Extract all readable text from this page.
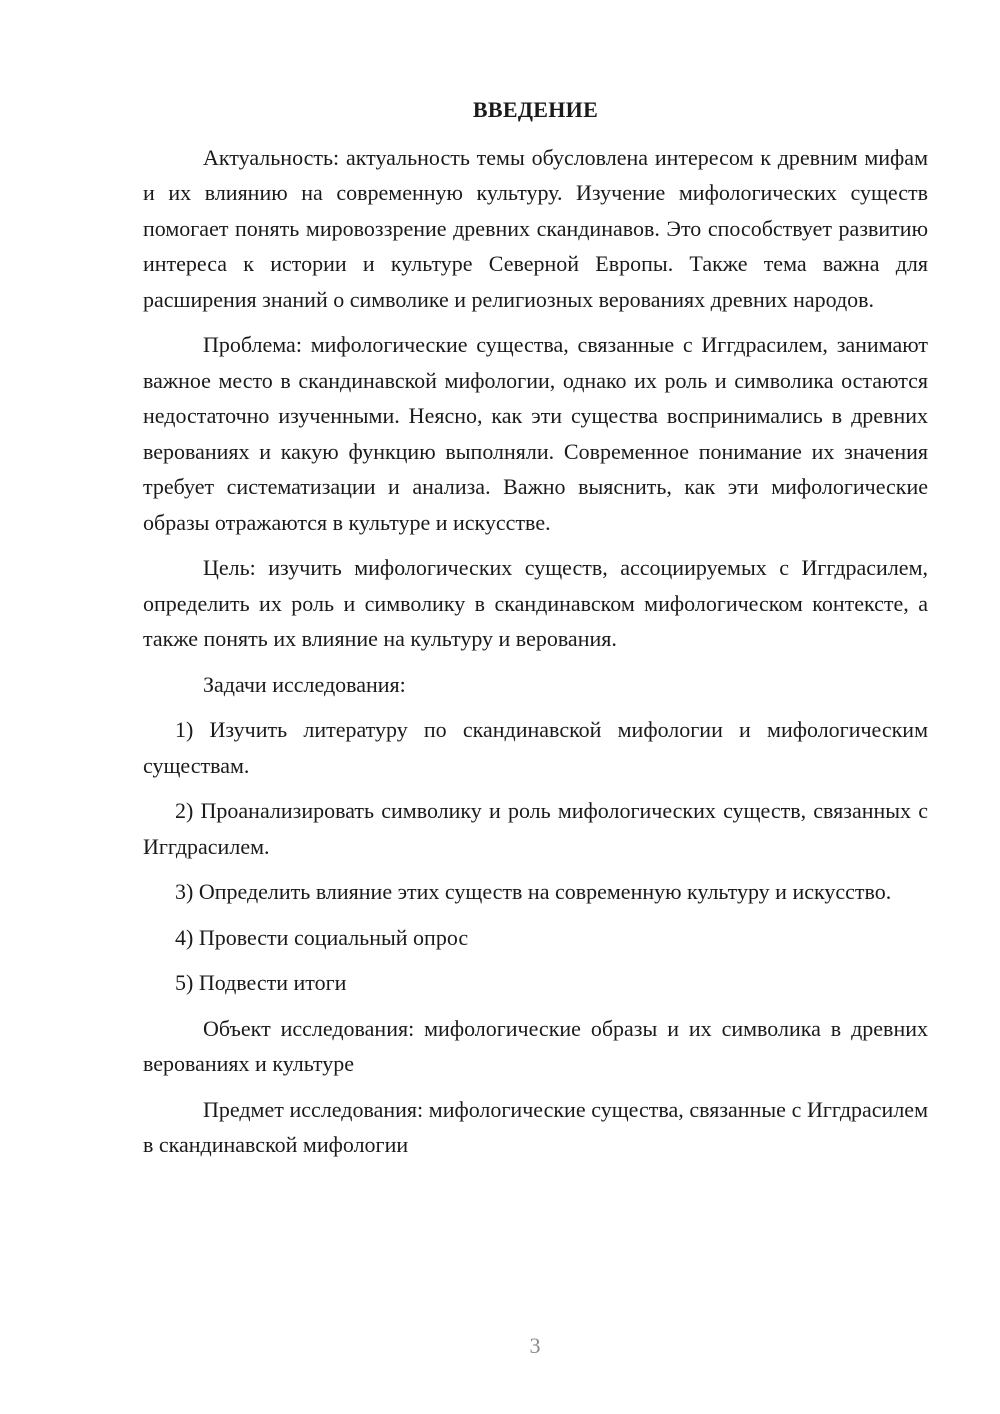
ВВЕДЕНИЕ

Актуальность: актуальность темы обусловлена интересом к древним мифам и их влиянию на современную культуру. Изучение мифологических существ помогает понять мировоззрение древних скандинавов. Это способствует развитию интереса к истории и культуре Северной Европы. Также тема важна для расширения знаний о символике и религиозных верованиях древних народов.

Проблема: мифологические существа, связанные с Иггдрасилем, занимают важное место в скандинавской мифологии, однако их роль и символика остаются недостаточно изученными. Неясно, как эти существа воспринимались в древних верованиях и какую функцию выполняли. Современное понимание их значения требует систематизации и анализа. Важно выяснить, как эти мифологические образы отражаются в культуре и искусстве.

Цель: изучить мифологических существ, ассоциируемых с Иггдрасилем, определить их роль и символику в скандинавском мифологическом контексте, а также понять их влияние на культуру и верования.

Задачи исследования:

1) Изучить литературу по скандинавской мифологии и мифологическим существам.

2) Проанализировать символику и роль мифологических существ, связанных с Иггдрасилем.

3) Определить влияние этих существ на современную культуру и искусство.

4) Провести социальный опрос

5) Подвести итоги

Объект исследования: мифологические образы и их символика в древних верованиях и культуре

Предмет исследования: мифологические существа, связанные с Иггдрасилем в скандинавской мифологии

3
